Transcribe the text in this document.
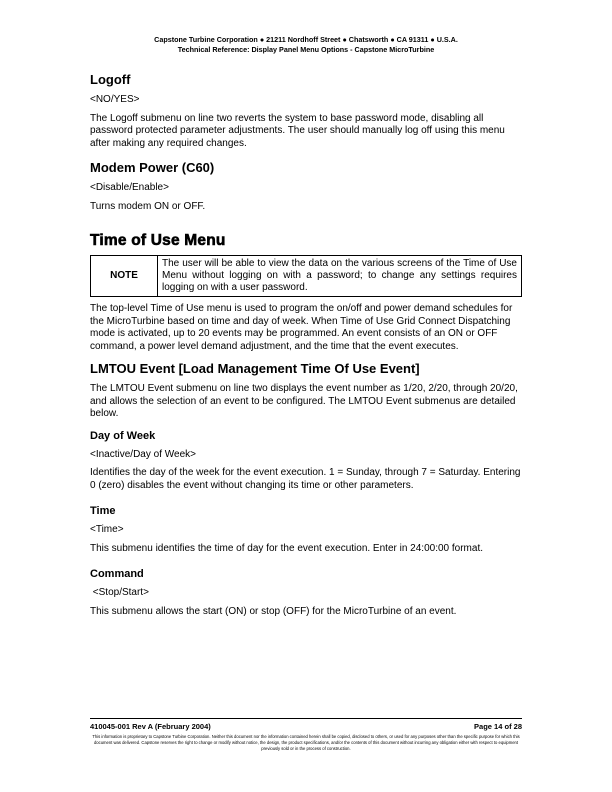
Capstone Turbine Corporation ● 21211 Nordhoff Street ● Chatsworth ● CA 91311 ● U.S.A.
Technical Reference: Display Panel Menu Options - Capstone MicroTurbine
Logoff

<NO/YES>

The Logoff submenu on line two reverts the system to base password mode, disabling all password protected parameter adjustments. The user should manually log off using this menu after making any required changes.

Modem Power (C60)

<Disable/Enable>

Turns modem ON or OFF.

Time of Use Menu
NOTE	The user will be able to view the data on the various screens of the Time of Use Menu without logging on with a password; to change any settings requires logging on with a user password.

The top-level Time of Use menu is used to program the on/off and power demand schedules for the MicroTurbine based on time and day of week. When Time of Use Grid Connect Dispatching mode is activated, up to 20 events may be programmed. An event consists of an ON or OFF command, a power level demand adjustment, and the time that the event executes.

LMTOU Event [Load Management Time Of Use Event]

The LMTOU Event submenu on line two displays the event number as 1/20, 2/20, through 20/20, and allows the selection of an event to be configured. The LMTOU Event submenus are detailed below.

Day of Week

<Inactive/Day of Week>

Identifies the day of the week for the event execution. 1 = Sunday, through 7 = Saturday. Entering 0 (zero) disables the event without changing its time or other parameters.

Time

<Time>

This submenu identifies the time of day for the event execution. Enter in 24:00:00 format.

Command

<Stop/Start>

This submenu allows the start (ON) or stop (OFF) for the MicroTurbine of an event.

410045-001 Rev A (February 2004)	Page 14 of 28
This information is proprietary to Capstone Turbine Corporation. Neither this document nor the information contained herein shall be copied, disclosed to others, or used for any purposes other than the specific purpose for which this document was delivered. Capstone reserves the right to change or modify without notice, the design, the product specifications, and/or the contents of this document without incurring any obligation either with respect to equipment previously sold or in the process of construction.
